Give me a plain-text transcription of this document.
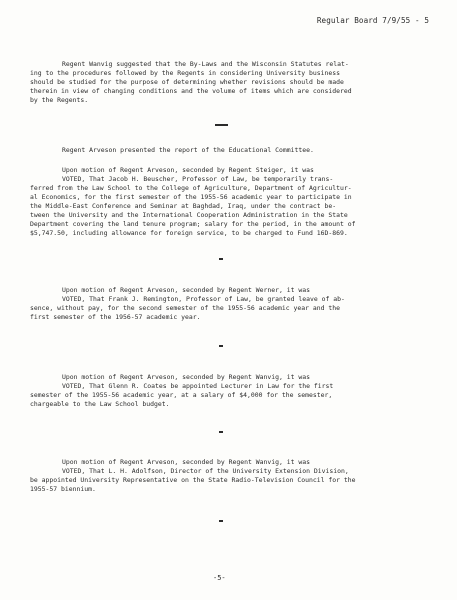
Regular Board 7/9/55 - 5
Regent Wanvig suggested that the By-Laws and the Wisconsin Statutes relat-
ing to the procedures followed by the Regents in considering University business
should be studied for the purpose of determining whether revisions should be made
therein in view of changing conditions and the volume of items which are considered
by the Regents.
Regent Arveson presented the report of the Educational Committee.
Upon motion of Regent Arveson, seconded by Regent Steiger, it was
VOTED, That Jacob H. Beuscher, Professor of Law, be temporarily trans-
ferred from the Law School to the College of Agriculture, Department of Agricultur-
al Economics, for the first semester of the 1955-56 academic year to participate in
the Middle-East Conference and Seminar at Baghdad, Iraq, under the contract be-
tween the University and the International Cooperation Administration in the State
Department covering the land tenure program; salary for the period, in the amount of
$5,747.50, including allowance for foreign service, to be charged to Fund 16D-869.
Upon motion of Regent Arveson, seconded by Regent Werner, it was
VOTED, That Frank J. Remington, Professor of Law, be granted leave of ab-
sence, without pay, for the second semester of the 1955-56 academic year and the
first semester of the 1956-57 academic year.
Upon motion of Regent Arveson, seconded by Regent Wanvig, it was
VOTED, That Glenn R. Coates be appointed Lecturer in Law for the first
semester of the 1955-56 academic year, at a salary of $4,000 for the semester,
chargeable to the Law School budget.
Upon motion of Regent Arveson, seconded by Regent Wanvig, it was
VOTED, That L. H. Adolfson, Director of the University Extension Division,
be appointed University Representative on the State Radio-Television Council for the
1955-57 biennium.
-5-
